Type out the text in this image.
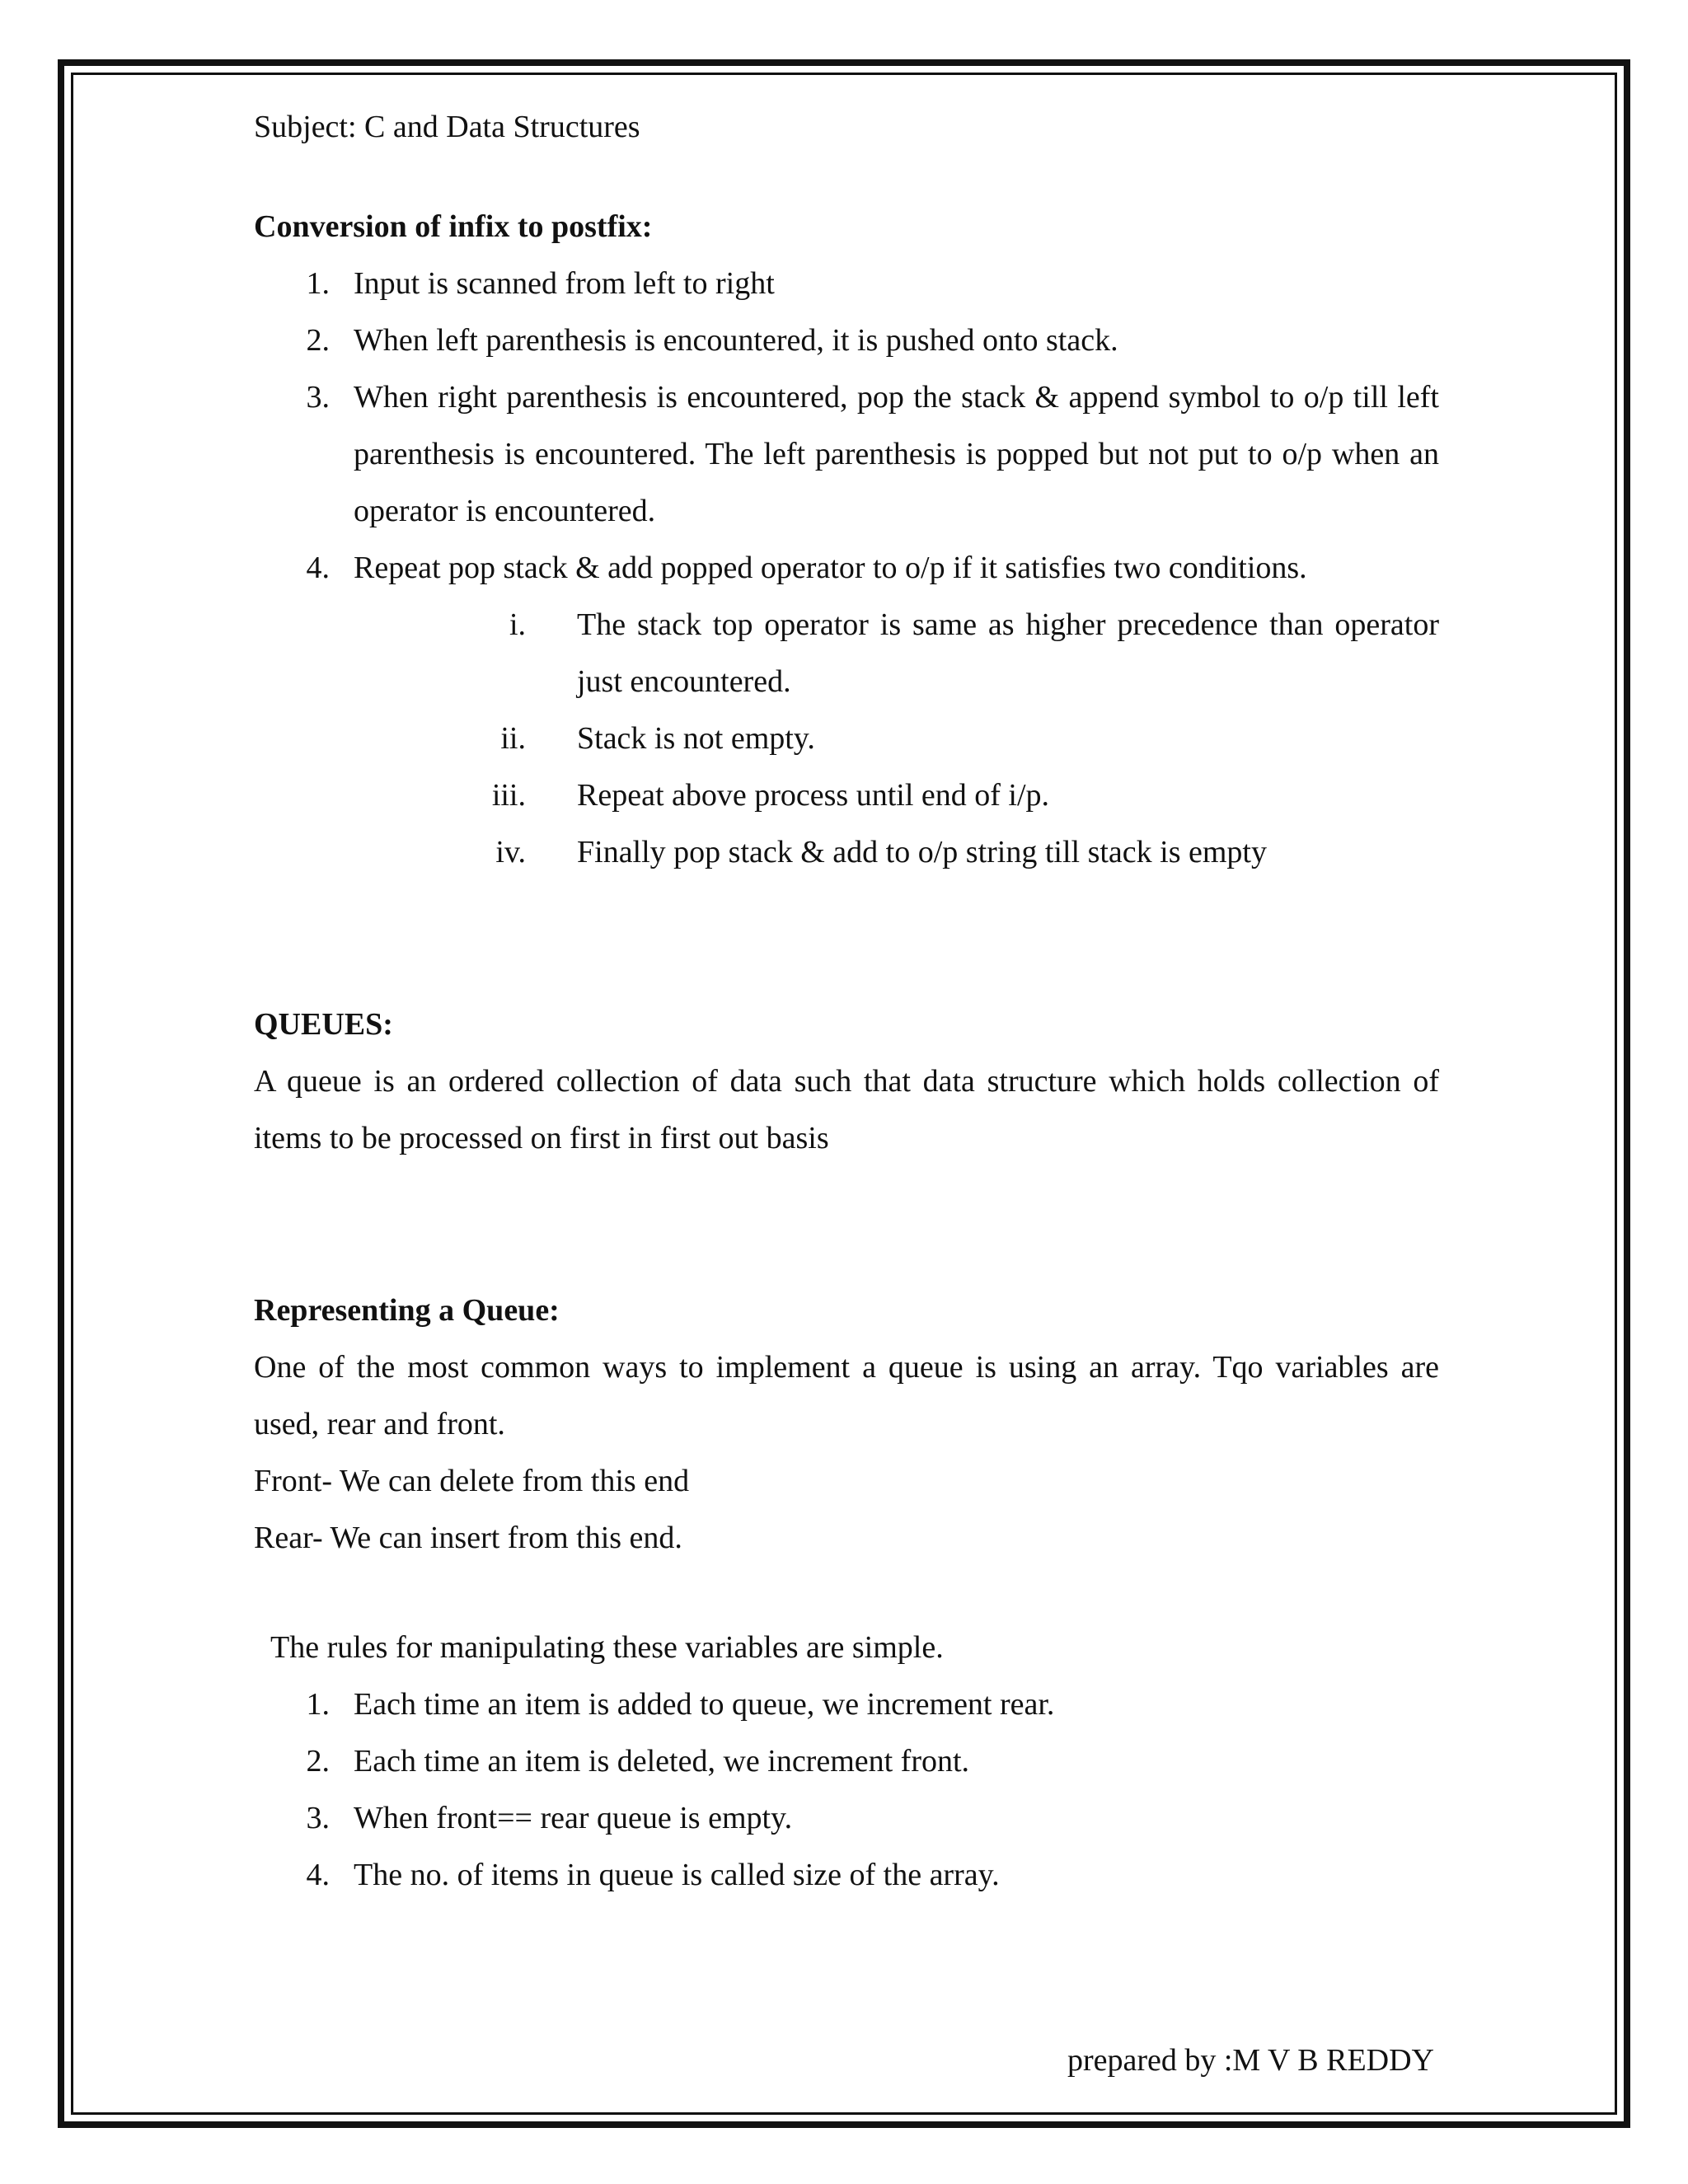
Subject: C and Data Structures

Conversion of infix to postfix:

1. Input is scanned from left to right
2. When left parenthesis is encountered, it is pushed onto stack.
3. When right parenthesis is encountered, pop the stack & append symbol to o/p till left parenthesis is encountered. The left parenthesis is popped but not put to o/p when an operator is encountered.
4. Repeat pop stack & add popped operator to o/p if it satisfies two conditions.
i. The stack top operator is same as higher precedence than operator just encountered.
ii. Stack is not empty.
iii. Repeat above process until end of i/p.
iv. Finally pop stack & add to o/p string till stack is empty

QUEUES:

A queue is an ordered collection of data such that data structure which holds collection of items to be processed on first in first out basis

Representing a Queue:

One of the most common ways to implement a queue is using an array. Tqo variables are used, rear and front.

Front- We can delete from this end

Rear- We can insert from this end.

The rules for manipulating these variables are simple.

1. Each time an item is added to queue, we increment rear.
2. Each time an item is deleted, we increment front.
3. When front== rear queue is empty.
4. The no. of items in queue is called size of the array.

prepared by :M V B REDDY
